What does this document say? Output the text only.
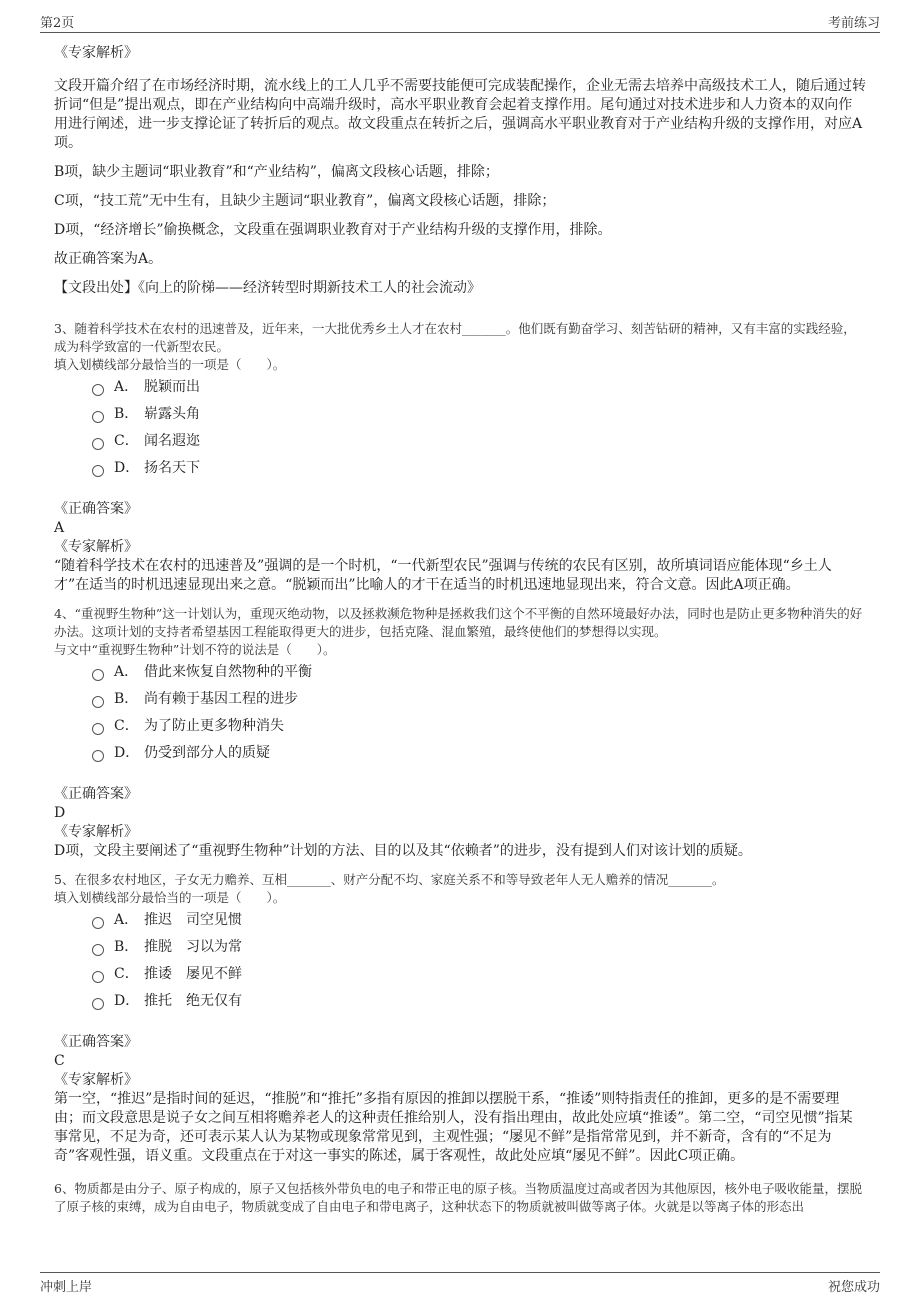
第2页	考前练习
《专家解析》
文段开篇介绍了在市场经济时期，流水线上的工人几乎不需要技能便可完成装配操作，企业无需去培养中高级技术工人，随后通过转折词“但是”提出观点，即在产业结构向中高端升级时，高水平职业教育会起着支撑作用。尾句通过对技术进步和人力资本的双向作用进行阐述，进一步支撑论证了转折后的观点。故文段重点在转折之后，强调高水平职业教育对于产业结构升级的支撑作用，对应A项。
B项，缺少主题词“职业教育”和“产业结构”，偏离文段核心话题，排除；
C项，“技工荒”无中生有，且缺少主题词“职业教育”，偏离文段核心话题，排除；
D项，“经济增长”偷换概念，文段重在强调职业教育对于产业结构升级的支撑作用，排除。
故正确答案为A。
【文段出处】《向上的阶梯——经济转型时期新技术工人的社会流动》
3、随着科学技术在农村的迅速普及，近年来，一大批优秀乡土人才在农村_______。他们既有勤奋学习、刻苦钻研的精神，又有丰富的实践经验，成为科学致富的一代新型农民。
填入划横线部分最恰当的一项是（　　）。
A． 脱颖而出
B． 崭露头角
C． 闻名遐迩
D． 扬名天下
《正确答案》
A
《专家解析》
“随着科学技术在农村的迅速普及”强调的是一个时机，“一代新型农民”强调与传统的农民有区别，故所填词语应能体现“乡土人才”在适当的时机迅速显现出来之意。“脱颖而出”比喻人的才干在适当的时机迅速地显现出来，符合文意。因此A项正确。
4、“重视野生物种”这一计划认为，重现灭绝动物，以及拯救濒危物种是拯救我们这个不平衡的自然环境最好办法，同时也是防止更多物种消失的好办法。这项计划的支持者希望基因工程能取得更大的进步，包括克隆、混血繁殖，最终使他们的梦想得以实现。
与文中“重视野生物种”计划不符的说法是（　　）。
A． 借此来恢复自然物种的平衡
B． 尚有赖于基因工程的进步
C． 为了防止更多物种消失
D． 仍受到部分人的质疑
《正确答案》
D
《专家解析》
D项，文段主要阐述了“重视野生物种”计划的方法、目的以及其“依赖者”的进步，没有提到人们对该计划的质疑。
5、在很多农村地区，子女无力赡养、互相_______、财产分配不均、家庭关系不和等导致老年人无人赡养的情况_______。
填入划横线部分最恰当的一项是（　　）。
A． 推迟　司空见惯
B． 推脱　习以为常
C． 推诿　屡见不鲜
D． 推托　绝无仅有
《正确答案》
C
《专家解析》
第一空，“推迟”是指时间的延迟，“推脱”和“推托”多指有原因的推卸以摆脱干系，“推诿”则特指责任的推卸，更多的是不需要理由；而文段意思是说子女之间互相将赡养老人的这种责任推给别人，没有指出理由，故此处应填“推诿”。第二空，“司空见惯”指某事常见，不足为奇，还可表示某人认为某物或现象常常见到，主观性强；“屡见不鲜”是指常常见到，并不新奇，含有的“不足为奇”客观性强，语义重。文段重点在于对这一事实的陈述，属于客观性，故此处应填“屡见不鲜”。因此C项正确。
6、物质都是由分子、原子构成的，原子又包括核外带负电的电子和带正电的原子核。当物质温度过高或者因为其他原因，核外电子吸收能量，摆脱了原子核的束缚，成为自由电子，物质就变成了自由电子和带电离子，这种状态下的物质就被叫做等离子体。火就是以等离子体的形态出
冲刺上岸	祝您成功
